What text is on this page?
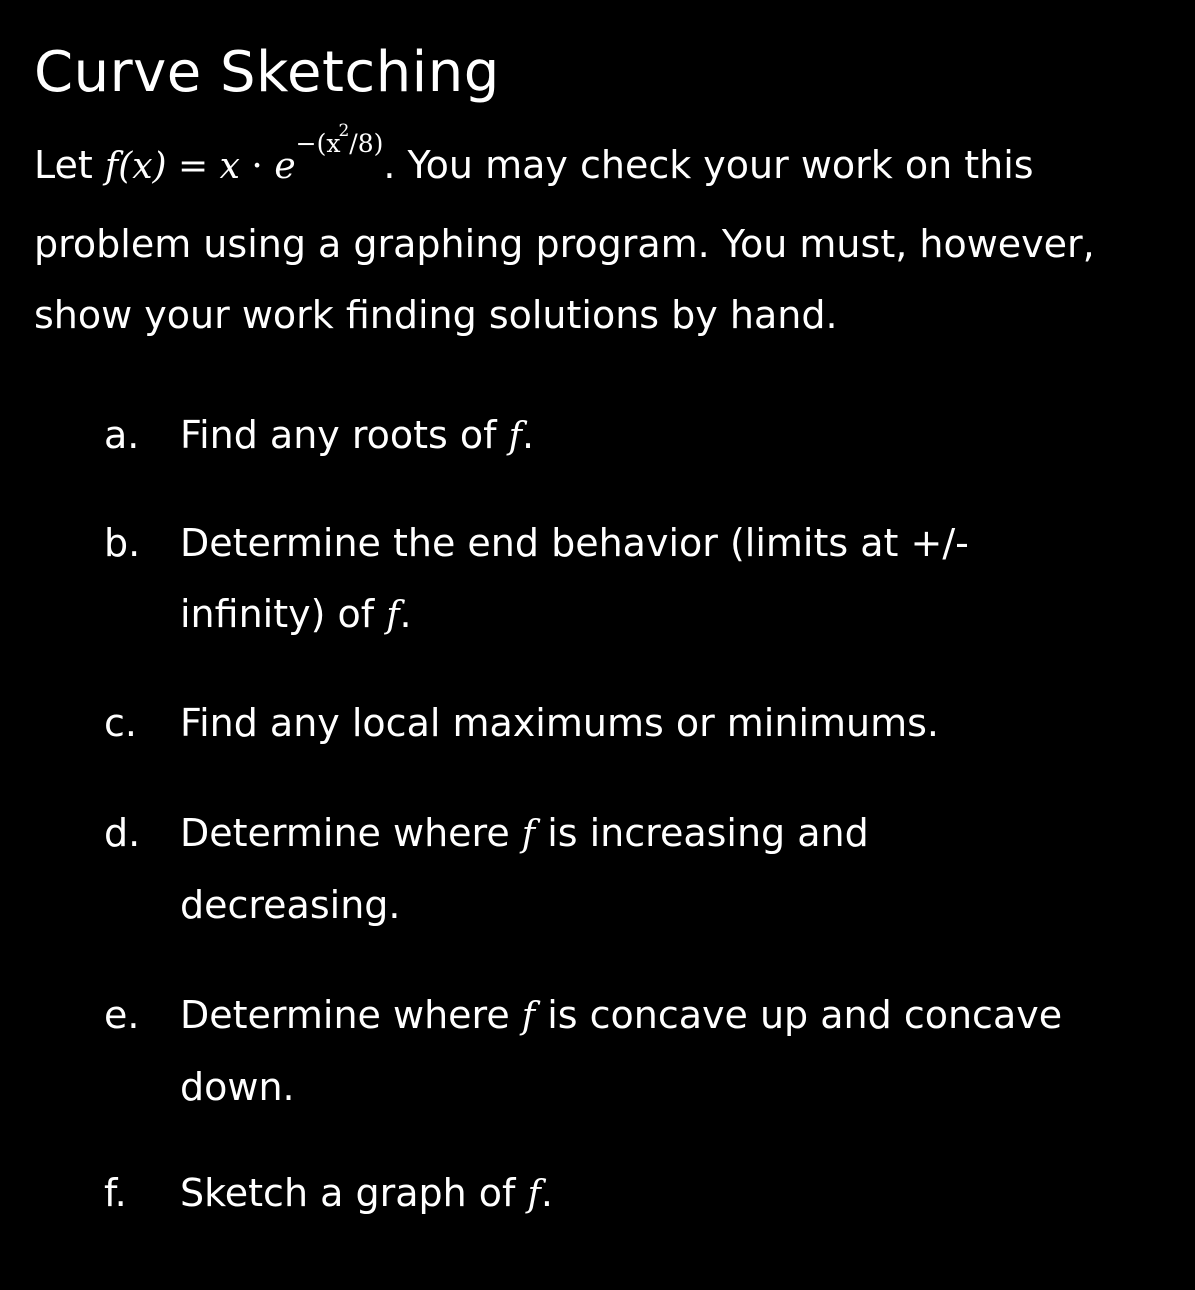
Curve Sketching

Let $f(x) = x \cdot e^{-(x^2/8)}$. You may check your work on this problem using a graphing program. You must, however, show your work finding solutions by hand.

a.	Find any roots of f.
b.	Determine the end behavior (limits at +/- infinity) of f.
c.	Find any local maximums or minimums.
d.	Determine where f is increasing and decreasing.
e.	Determine where f is concave up and concave down.
f.	Sketch a graph of f.
